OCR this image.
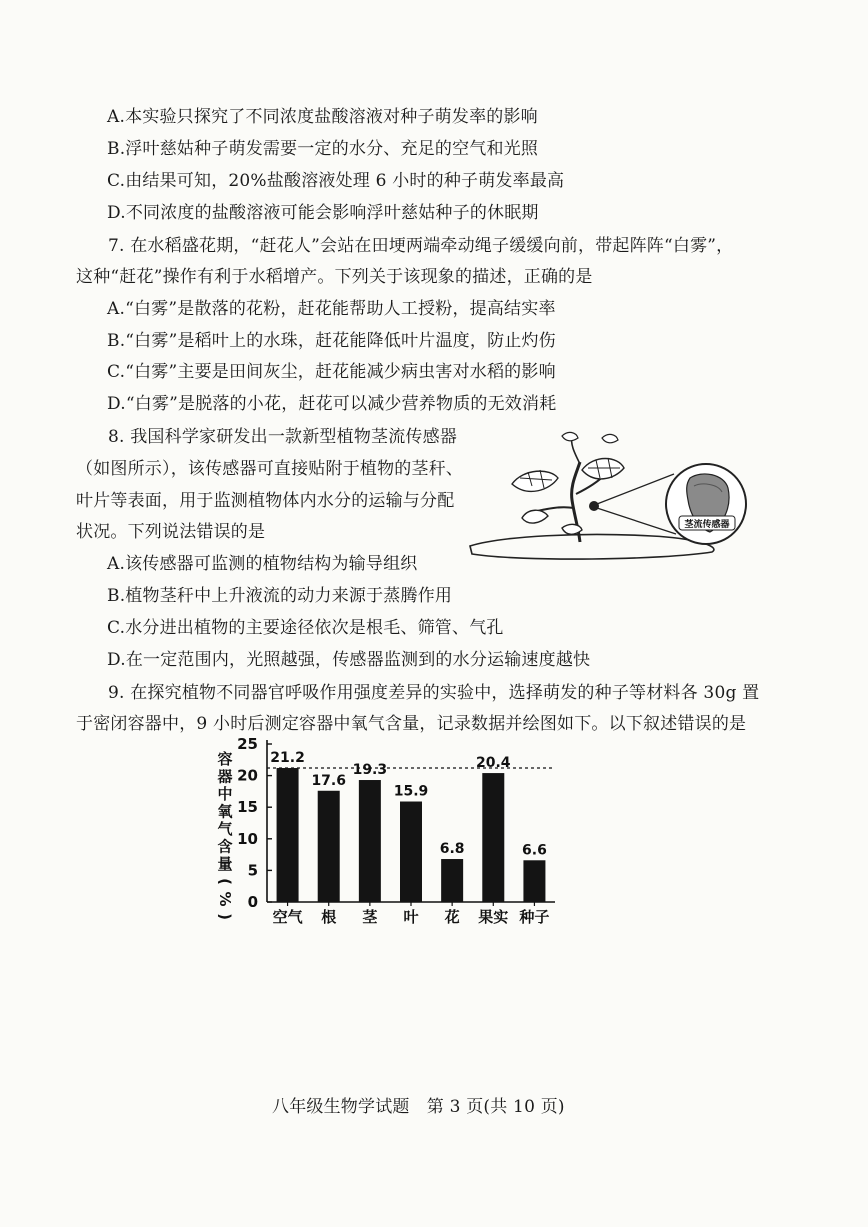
A.本实验只探究了不同浓度盐酸溶液对种子萌发率的影响
B.浮叶慈姑种子萌发需要一定的水分、充足的空气和光照
C.由结果可知，20%盐酸溶液处理 6 小时的种子萌发率最高
D.不同浓度的盐酸溶液可能会影响浮叶慈姑种子的休眠期
7. 在水稻盛花期，“赶花人”会站在田埂两端牵动绳子缓缓向前，带起阵阵“白雾”，
这种“赶花”操作有利于水稻增产。下列关于该现象的描述，正确的是
A.“白雾”是散落的花粉，赶花能帮助人工授粉，提高结实率
B.“白雾”是稻叶上的水珠，赶花能降低叶片温度，防止灼伤
C.“白雾”主要是田间灰尘，赶花能减少病虫害对水稻的影响
D.“白雾”是脱落的小花，赶花可以减少营养物质的无效消耗
8. 我国科学家研发出一款新型植物茎流传感器
（如图所示），该传感器可直接贴附于植物的茎秆、
叶片等表面，用于监测植物体内水分的运输与分配
状况。下列说法错误的是	茎流传感器
A.该传感器可监测的植物结构为输导组织
B.植物茎秆中上升液流的动力来源于蒸腾作用
C.水分进出植物的主要途径依次是根毛、筛管、气孔
D.在一定范围内，光照越强，传感器监测到的水分运输速度越快
9. 在探究植物不同器官呼吸作用强度差异的实验中，选择萌发的种子等材料各 30g 置
于密闭容器中，9 小时后测定容器中氧气含量，记录数据并绘图如下。以下叙述错误的是
容
器
中
氧
气
含
量
(
%
)
21.2
17.6
19.3
15.9
6.8
20.4
6.6
空气 根 茎 叶 花 果实 种子
0
5
10
15
20
25
八年级生物学试题　第 3 页(共 10 页)
